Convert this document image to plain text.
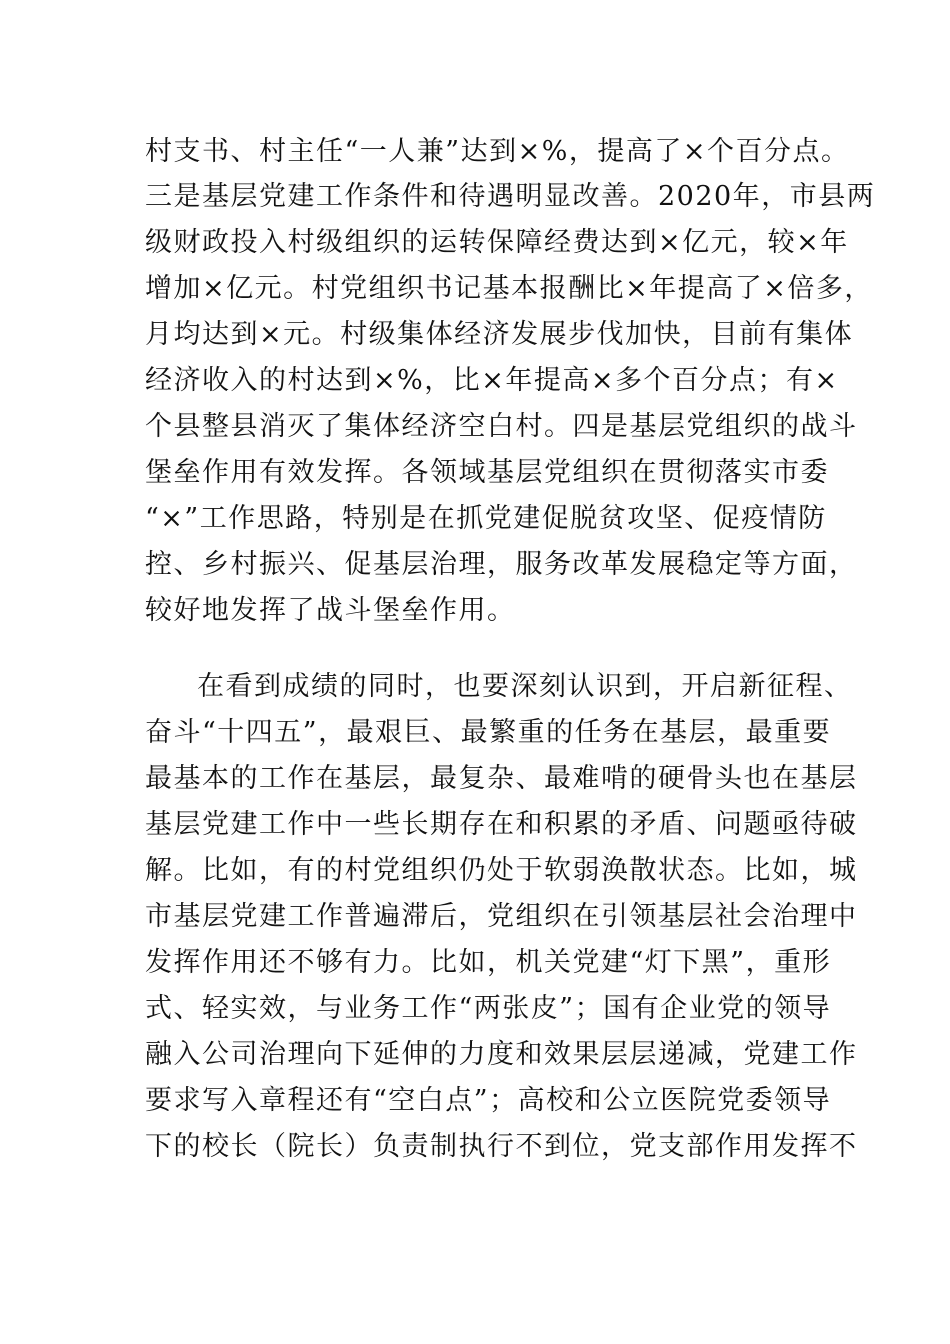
村支书、村主任“一人兼”达到×%，提高了×个百分点。
三是基层党建工作条件和待遇明显改善。2020年，市县两
级财政投入村级组织的运转保障经费达到×亿元，较×年
增加×亿元。村党组织书记基本报酬比×年提高了×倍多，
月均达到×元。村级集体经济发展步伐加快，目前有集体
经济收入的村达到×%，比×年提高×多个百分点；有×
个县整县消灭了集体经济空白村。四是基层党组织的战斗
堡垒作用有效发挥。各领域基层党组织在贯彻落实市委
“×”工作思路，特别是在抓党建促脱贫攻坚、促疫情防
控、乡村振兴、促基层治理，服务改革发展稳定等方面，
较好地发挥了战斗堡垒作用。
在看到成绩的同时，也要深刻认识到，开启新征程、
奋斗“十四五”，最艰巨、最繁重的任务在基层，最重要
最基本的工作在基层，最复杂、最难啃的硬骨头也在基层
基层党建工作中一些长期存在和积累的矛盾、问题亟待破
解。比如，有的村党组织仍处于软弱涣散状态。比如，城
市基层党建工作普遍滞后，党组织在引领基层社会治理中
发挥作用还不够有力。比如，机关党建“灯下黑”，重形
式、轻实效，与业务工作“两张皮”；国有企业党的领导
融入公司治理向下延伸的力度和效果层层递减，党建工作
要求写入章程还有“空白点”；高校和公立医院党委领导
下的校长（院长）负责制执行不到位，党支部作用发挥不
